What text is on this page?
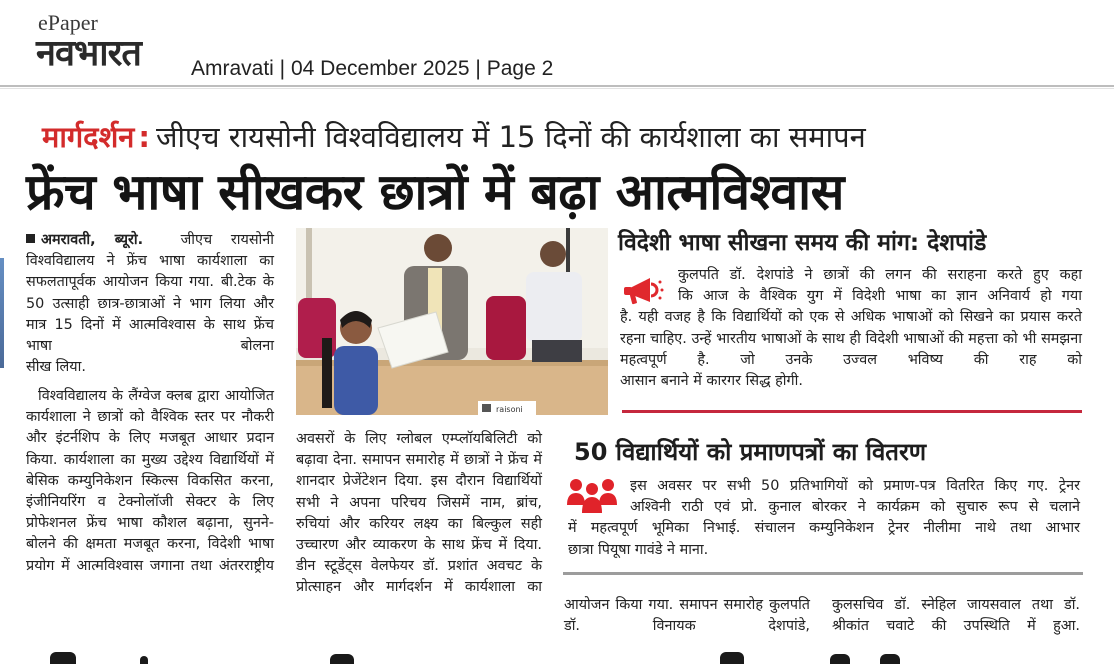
ePaper
नवभारत Amravati | 04 December 2025 | Page 2
मार्गदर्शन : जीएच रायसोनी विश्वविद्यालय में 15 दिनों की कार्यशाला का समापन
फ्रेंच भाषा सीखकर छात्रों में बढ़ा आत्मविश्वास

अमरावती, ब्यूरो.	जीएच रायसोनी विश्वविद्यालय ने फ्रेंच भाषा कार्यशाला का सफलतापूर्वक आयोजन किया गया. बी.टेक के 50 उत्साही छात्र-छात्राओं ने भाग लिया और मात्र 15 दिनों में आत्मविश्वास के साथ फ्रेंच भाषा बोलना

सीख लिया.

विश्वविद्यालय के लैंग्वेज क्लब द्वारा आयोजित कार्यशाला ने छात्रों को वैश्विक स्तर पर नौकरी और इंटर्नशिप के लिए मजबूत आधार प्रदान किया. कार्यशाला का मुख्य उद्देश्य विद्यार्थियों में बेसिक कम्युनिकेशन स्किल्स विकसित करना, इंजीनियरिंग व टेक्नोलॉजी सेक्टर के लिए प्रोफेशनल फ्रेंच भाषा कौशल बढ़ाना, सुनने-बोलने की क्षमता मजबूत करना, विदेशी भाषा प्रयोग में आत्मविश्वास जगाना तथा अंतरराष्ट्रीय

raisoni

अवसरों के लिए ग्लोबल एम्प्लॉयबिलिटी को बढ़ावा देना. समापन समारोह में छात्रों ने फ्रेंच में शानदार प्रेजेंटेशन दिया. इस दौरान विद्यार्थियों सभी ने अपना परिचय जिसमें नाम, ब्रांच, रुचियां और करियर लक्ष्य का बिल्कुल सही उच्चारण और व्याकरण के साथ फ्रेंच में दिया. डीन स्टूडेंट्स वेलफेयर डॉ. प्रशांत अवचट के प्रोत्साहन और मार्गदर्शन में कार्यशाला का

विदेशी भाषा सीखना समय की मांग: देशपांडे

कुलपति डॉ. देशपांडे ने छात्रों की लगन की सराहना करते हुए कहा

कि आज के वैश्विक युग में विदेशी भाषा का ज्ञान अनिवार्य हो गया

है. यही वजह है कि विद्यार्थियों को एक से अधिक भाषाओं को सिखने का प्रयास करते रहना चाहिए. उन्हें भारतीय भाषाओं के साथ ही विदेशी भाषाओं की महत्ता को भी समझना महत्वपूर्ण है. जो उनके उज्वल भविष्य की राह को

आसान बनाने में कारगर सिद्ध होगी.

50 विद्यार्थियों को प्रमाणपत्रों का वितरण

इस अवसर पर सभी 50 प्रतिभागियों को प्रमाण-पत्र वितरित किए गए. ट्रेनर

अश्विनी राठी एवं प्रो. कुनाल बोरकर ने कार्यक्रम को सुचारु रूप से चलाने

में महत्वपूर्ण भूमिका निभाई. संचालन कम्युनिकेशन ट्रेनर नीलीमा नाथे तथा आभार

छात्रा पियूषा गावंडे ने माना.

आयोजन किया गया. समापन समारोह कुलपति डॉ. विनायक देशपांडे,

कुलसचिव डॉ. स्नेहिल जायसवाल तथा डॉ. श्रीकांत चवाटे की उपस्थिति में हुआ.
